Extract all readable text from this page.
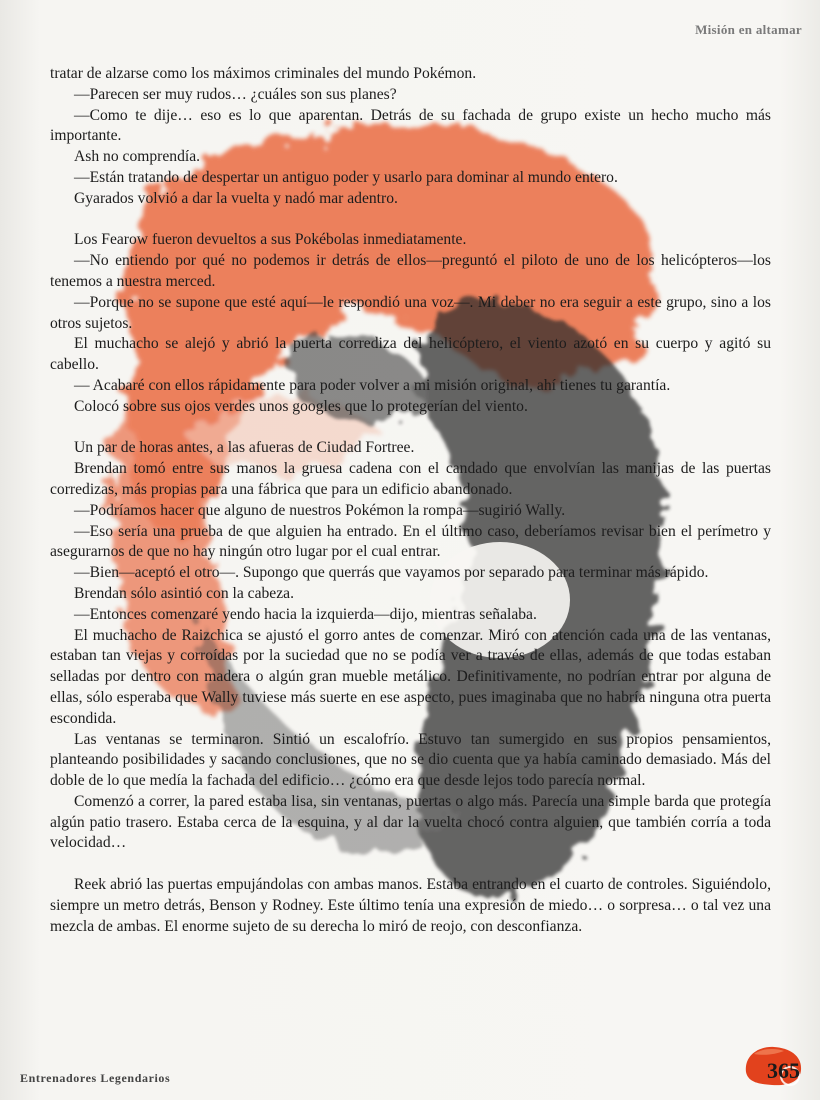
Misión en altamar

tratar de alzarse como los máximos criminales del mundo Pokémon.

—Parecen ser muy rudos… ¿cuáles son sus planes?

—Como te dije… eso es lo que aparentan. Detrás de su fachada de grupo existe un hecho mucho más importante.

Ash no comprendía.

—Están tratando de despertar un antiguo poder y usarlo para dominar al mundo entero.

Gyarados volvió a dar la vuelta y nadó mar adentro.

Los Fearow fueron devueltos a sus Pokébolas inmediatamente.

—No entiendo por qué no podemos ir detrás de ellos—preguntó el piloto de uno de los helicópteros—los tenemos a nuestra merced.

—Porque no se supone que esté aquí—le respondió una voz—. Mi deber no era seguir a este grupo, sino a los otros sujetos.

El muchacho se alejó y abrió la puerta corrediza del helicóptero, el viento azotó en su cuerpo y agitó su cabello.

— Acabaré con ellos rápidamente para poder volver a mi misión original, ahí tienes tu garantía.

Colocó sobre sus ojos verdes unos googles que lo protegerían del viento.

Un par de horas antes, a las afueras de Ciudad Fortree.

Brendan tomó entre sus manos la gruesa cadena con el candado que envolvían las manijas de las puertas corredizas, más propias para una fábrica que para un edificio abandonado.

—Podríamos hacer que alguno de nuestros Pokémon la rompa—sugirió Wally.

—Eso sería una prueba de que alguien ha entrado. En el último caso, deberíamos revisar bien el perímetro y asegurarnos de que no hay ningún otro lugar por el cual entrar.

—Bien—aceptó el otro—. Supongo que querrás que vayamos por separado para terminar más rápido.

Brendan sólo asintió con la cabeza.

—Entonces comenzaré yendo hacia la izquierda—dijo, mientras señalaba.

El muchacho de Raizchica se ajustó el gorro antes de comenzar. Miró con atención cada una de las ventanas, estaban tan viejas y corroídas por la suciedad que no se podía ver a través de ellas, además de que todas estaban selladas por dentro con madera o algún gran mueble metálico. Definitivamente, no podrían entrar por alguna de ellas, sólo esperaba que Wally tuviese más suerte en ese aspecto, pues imaginaba que no habría ninguna otra puerta escondida.

Las ventanas se terminaron. Sintió un escalofrío. Estuvo tan sumergido en sus propios pensamientos, planteando posibilidades y sacando conclusiones, que no se dio cuenta que ya había caminado demasiado. Más del doble de lo que medía la fachada del edificio… ¿cómo era que desde lejos todo parecía normal.

Comenzó a correr, la pared estaba lisa, sin ventanas, puertas o algo más. Parecía una simple barda que protegía algún patio trasero. Estaba cerca de la esquina, y al dar la vuelta chocó contra alguien, que también corría a toda velocidad…

Reek abrió las puertas empujándolas con ambas manos. Estaba entrando en el cuarto de controles. Siguiéndolo, siempre un metro detrás, Benson y Rodney. Este último tenía una expresión de miedo… o sorpresa… o tal vez una mezcla de ambas. El enorme sujeto de su derecha lo miró de reojo, con desconfianza.

Entrenadores Legendarios	365
